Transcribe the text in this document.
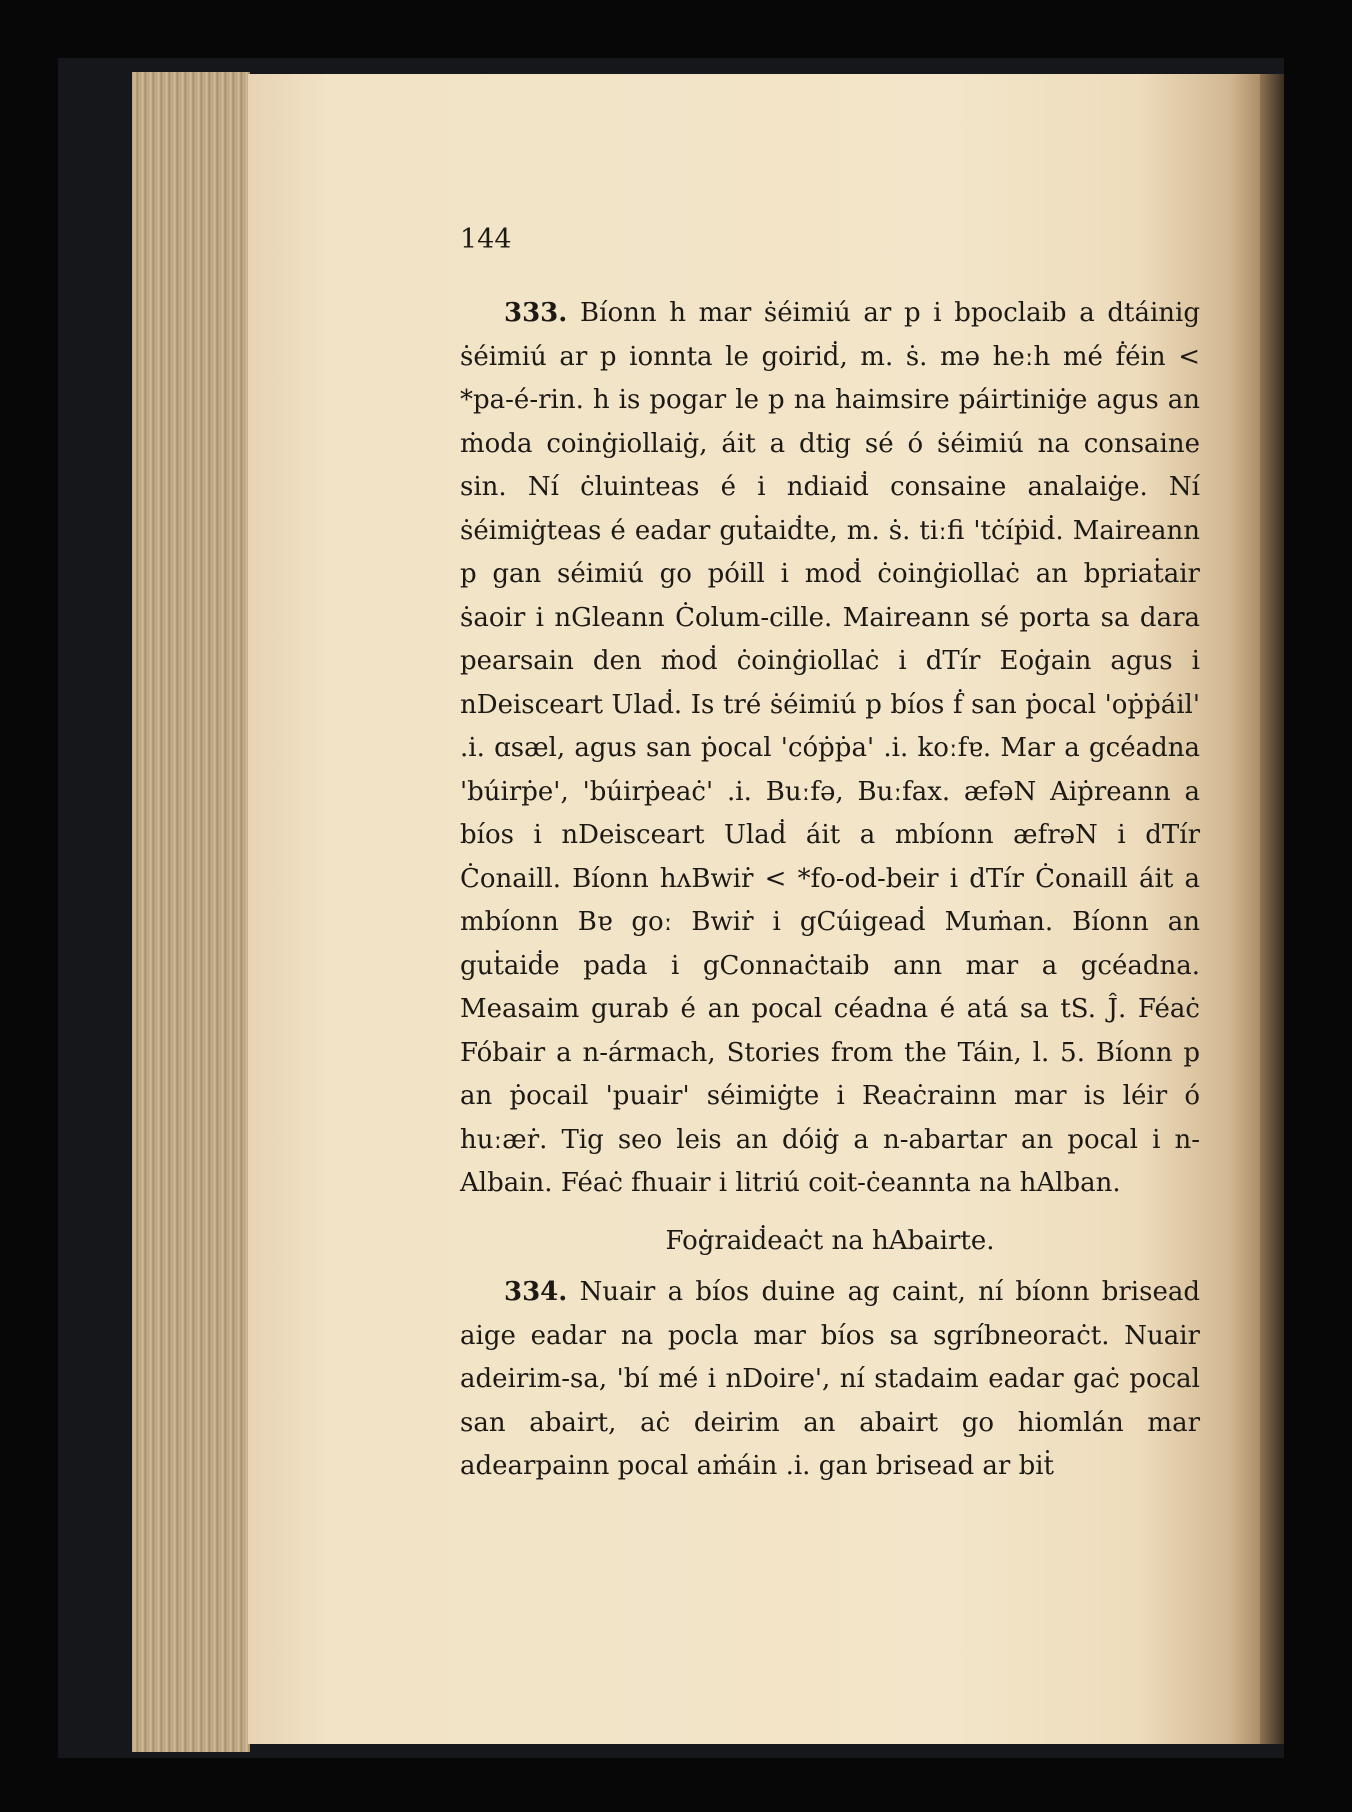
144

333. Bíonn h mar ṡéimiú ar p i bpoclaib a dtáinig ṡéimiú ar p ionnta le goiriḋ, m. ṡ. mə heːh mé ḟéin < *pa-é-rin. h is pogar le p na haimsire páirtiniġe agus an ṁoda coinġiollaiġ, áit a dtig sé ó ṡéimiú na consaine sin. Ní ċluinteas é i ndiaiḋ consaine analaiġe. Ní ṡéimiġteas é eadar guṫaiḋte, m. ṡ. tiːfi 'tċíṗiḋ. Maireann p gan séimiú go póill i moḋ ċoinġiollaċ an bpriaṫair ṡaoir i nGleann Ċolum-cille. Maireann sé porta sa dara pearsain den ṁoḋ ċoinġiollaċ i dTír Eoġain agus i nDeisceart Ulaḋ. Is tré ṡéimiú p bíos ḟ san ṗocal 'oṗṗáil' .i. ɑsæl, agus san ṗocal 'cóṗṗa' .i. koːfɐ. Mar a gcéadna 'búirṗe', 'búirṗeaċ' .i. Buːfə, Buːfax. æfəN Aiṗreann a bíos i nDeisceart Ulaḋ áit a mbíonn æfrəN i dTír Ċonaill. Bíonn hʌBwiṙ < *fo-od-beir i dTír Ċonaill áit a mbíonn Bɐ goː Bwiṙ i gCúigeaḋ Muṁan. Bíonn an guṫaiḋe pada i gConnaċtaib ann mar a gcéadna. Measaim gurab é an pocal céadna é atá sa tS. Ĵ. Féaċ Fóbair a n-ármach, Stories from the Táin, l. 5. Bíonn p an ṗocail 'puair' séimiġte i Reaċrainn mar is léir ó huːæṙ. Tig seo leis an dóiġ a n-abartar an pocal i n-Albain. Féaċ fhuair i litriú coit-ċeannta na hAlban.

Foġraiḋeaċt na hAbairte.

334. Nuair a bíos duine ag caint, ní bíonn brisead aige eadar na pocla mar bíos sa sgríbneoraċt. Nuair adeirim-sa, 'bí mé i nDoire', ní stadaim eadar gaċ pocal san abairt, aċ deirim an abairt go hiomlán mar adearpainn pocal aṁáin .i. gan brisead ar biṫ
